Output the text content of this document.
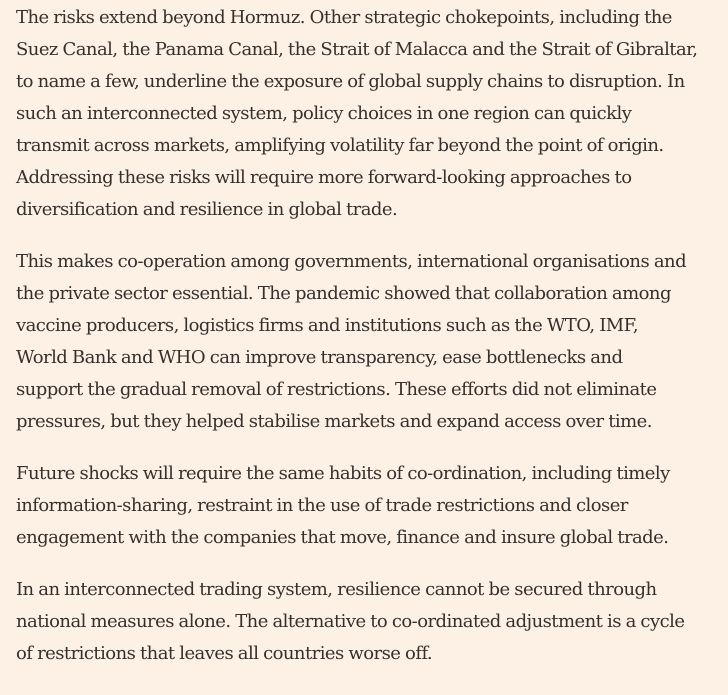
The risks extend beyond Hormuz. Other strategic chokepoints, including the
Suez Canal, the Panama Canal, the Strait of Malacca and the Strait of Gibraltar,
to name a few, underline the exposure of global supply chains to disruption. In
such an interconnected system, policy choices in one region can quickly
transmit across markets, amplifying volatility far beyond the point of origin.
Addressing these risks will require more forward-looking approaches to
diversification and resilience in global trade.

This makes co-operation among governments, international organisations and
the private sector essential. The pandemic showed that collaboration among
vaccine producers, logistics firms and institutions such as the WTO, IMF,
World Bank and WHO can improve transparency, ease bottlenecks and
support the gradual removal of restrictions. These efforts did not eliminate
pressures, but they helped stabilise markets and expand access over time.

Future shocks will require the same habits of co-ordination, including timely
information-sharing, restraint in the use of trade restrictions and closer
engagement with the companies that move, finance and insure global trade.

In an interconnected trading system, resilience cannot be secured through
national measures alone. The alternative to co-ordinated adjustment is a cycle
of restrictions that leaves all countries worse off.
